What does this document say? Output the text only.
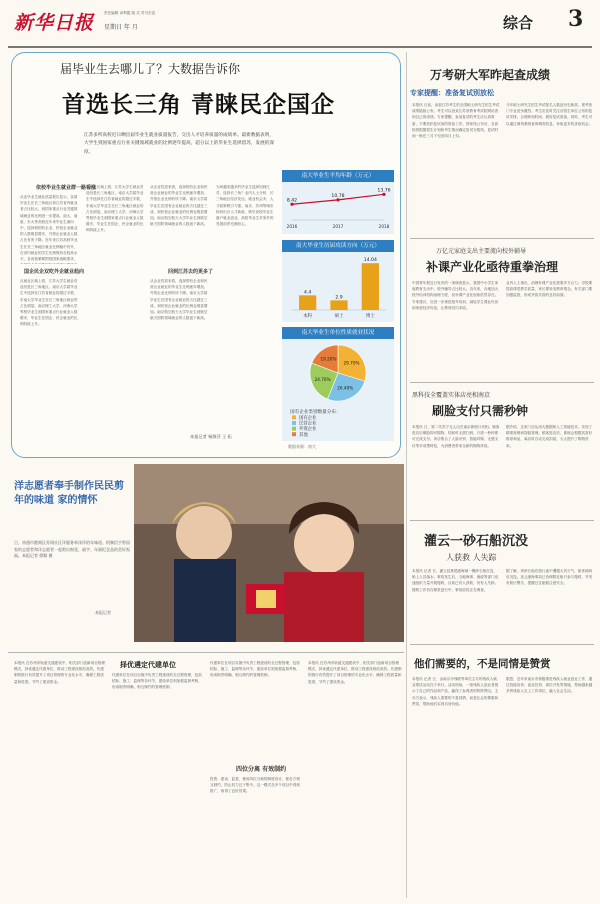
新华日报	责任编辑 谈利霞 版 式 司马宏忠
星期日 年 月	综合 3
届毕业生去哪儿了？大数据告诉你
首选长三角 青睐民企国企
江苏多所高校近日晒出届毕业生就业质量报告，交出人才培养质量的成绩单。最新数据表明，大学生到国家重点行业关键领域就业的比例逐年提高，超分以上的毕业生选择留苏，发展的深厚。
依校毕业生就业群一路看涨
从业毕业生就业质量报告显示，各届毕业生在长三角地区和江苏省内就业者占比较大，到国家重点行业关键领域就业的比例进一步提高。南大、南航、东大等高校近年来毕业生流向中，选择到国有企业、民营企业就业的人数明显增多，外资企业就业人数占比有所下降。近年来江苏高校毕业生在长三角地区就业比例稳中有升，在省内就业的学生比例保持在较高水平。各高校紧紧围绕国家战略需求，
国企民企双吃外企就业趋向
从就业区域上看，江苏大学生就业首选仍是长三角地区。南京大学届毕业生中选择在江苏省就业的超过半数，东南大学毕业生在长三角地区就业的占比明显。南京理工大学、河海大学等校毕业生到国家重点行业就业人数增多，毕业生在国企、民企就业的比例持续上升。
从就业区域上看，江苏大学生就业首选仍是长三角地区。南京大学届毕业生中选择在江苏省就业的超过半数，东南大学毕业生在长三角地区就业的占比明显。南京理工大学、河海大学等校毕业生到国家重点行业就业人数增多，毕业生在国企、民企就业的比例持续上升。
从企业性质来看，选择国有企业和民营企业就业的毕业生比例逐年增加，外资企业比例有所下降。南京大学届毕业生在国有企业就业的占比超过三成，到民营企业就业的比例也明显增加。南京航空航天大学毕业生到航空航天国防领域就业的人数创下新高。
回到江苏去的更多了
从企业性质来看，选择国有企业和民营企业就业的毕业生比例逐年增加，外资企业比例有所下降。南京大学届毕业生在国有企业就业的占比超过三成，到民营企业就业的比例也明显增加。南京航空航天大学毕业生到航空航天国防领域就业的人数创下新高。
为何越来越多的毕业生选择回到江苏、选择长三角？业内人士分析，长三角地区经济发达，就业机会多，人才政策吸引力强。南京、苏州等城市纷纷出台人才新政，吸引高校毕业生落户就业创业。高校毕业生对家乡的发展前景充满信心。
本报记者 杨频萍 王 拓
南大毕业生平均年龄（万元）
8.42
2016
10.78
2017
13.76
2018
南大毕业生历届攻读方向（万元）
4.4
本科
2.9
硕士
14.04
博士
南大毕业生单位性质就业状况
29.70%
26.40%
24.70%
19.20%
国有企业类别数量分布：
国有企业
民营企业
外资企业
其他
数据来源：南大
洋志愿者奉手制作民民剪年的味道 家的情怀
日，南通市港闸区苏翔社区洋服务奉泽洋的年味道。机制信手剪国家的志愿者和洋志愿者一起剪出窗花、福字、年画纪念品的美好祝福。本报记者 徐顺 摄
本报记者
本报讯 在苏州市轨道交通建设中，相关部门创新项目管理模式，择优遴定代建单位，推动工程建设规范高效。代建制的推行有效提升了项目管理的专业化水平，确保工程质量和进度，节约了建设资金。
择优遴定代建单位
代建单位在项目实施中负责工程建设的全过程管理，包括招标、施工、监理等各环节，建设单位则加强监督考核，形成职责明确、相互制约的管理机制。
代建单位在项目实施中负责工程建设的全过程管理，包括招标、施工、监理等各环节，建设单位则加强监督考核，形成职责明确、相互制约的管理机制。
四位分离 有效制约
投资、建设、监管、使用四位分离的制度设计，使各方相互制约，防止权力过于集中。这一模式在多个项目中得到推广，取得了良好效果。
本报讯 在苏州市轨道交通建设中，相关部门创新项目管理模式，择优遴定代建单位，推动工程建设规范高效。代建制的推行有效提升了项目管理的专业化水平，确保工程质量和进度，节约了建设资金。
万考研大军昨起查成绩
专家提醒：准备复试别放松
本报讯 日前，参加江苏考生的全国硕士研究生招生考试成绩陆续公布。考生可以登录江苏省教育考试院网站查询自己的成绩。专家提醒，参加复试的考生应认真准备，不要放松复试前的准备工作。国家线公布后，各高校将根据招生计划和考生情况确定复试分数线，复试时间一般在三月下旬至四月上旬。
今年硕士研究生招生考试报名人数创历史新高，报考热门专业竞争激烈。考生应及时关注各招生单位公布的复试安排，合理规划时间，做好复试准备。同时，考生可以通过调剂系统查询调剂信息，争取更多的录取机会。
万亿元家庭支出主要流向校外辅导
补课产业化亟待重拳治理
中国青年报近日发布的一项调查显示，我国中小学生家庭教育支出中，校外辅导占比较大。近年来，各地加大校外培训机构治理力度，但补课产业化现象依然存在。专家建议，应进一步规范校外培训，减轻学生课业负担和家庭经济负担，让教育回归本原。
业内人士指出，治理补课产业化需要多方合力。学校要提高课堂教学质量，家长要转变教育观念，有关部门要加强监管，形成齐抓共管的良好局面。
黑科技全覆盖实体店亮相南京
刷脸支付只需秒钟
本报讯 日，第二代苏宁无人店在南京新街口亮相。顾客进店后刷脸即可购物，结账时无需扫码，只需一秒钟即可完成支付。该店集合了人脸识别、智能导购、无感支付等多项黑科技，为消费者带来全新的购物体验。
据介绍，这家门店运用大数据和人工智能技术，实现了精准营销和智能管理。顾客进店后，系统会根据其喜好推荐商品，离店时自动完成扣款，大大提升了购物效率。
灌云一砂石船沉没
人获救 人失踪
本报讯 记者 日，灌云县燕尾港海域一艘砂石船沉没，船上人员落水。事故发生后，当地海事、渔政等部门迅速组织力量开展搜救，目前已有人获救，仍有人失踪。搜救工作仍在紧张进行中，事故原因正在调查。
据了解，该砂石船在航行途中遭遇大风天气，船体倾斜后沉没。连云港海事局已协调附近船只参与搜救，并发布航行警告，提醒过往船舶注意安全。
他们需要的，不是同情是赞赏
本报讯 记者 日，由南京市残联等单位主办的残疾人就业帮扶活动在宁举行。活动现场，一批残疾人创业者展示了自己的作品和产品，赢得了参观者的阵阵赞叹。主办方表示，残疾人需要的不是同情，而是社会的尊重和赞赏，帮助他们实现自身价值。
据悉，近年来南京市积极推进残疾人就业创业工作，通过技能培训、创业扶持、岗位开发等措施，帮助越来越多的残疾人走上工作岗位，融入社会生活。
